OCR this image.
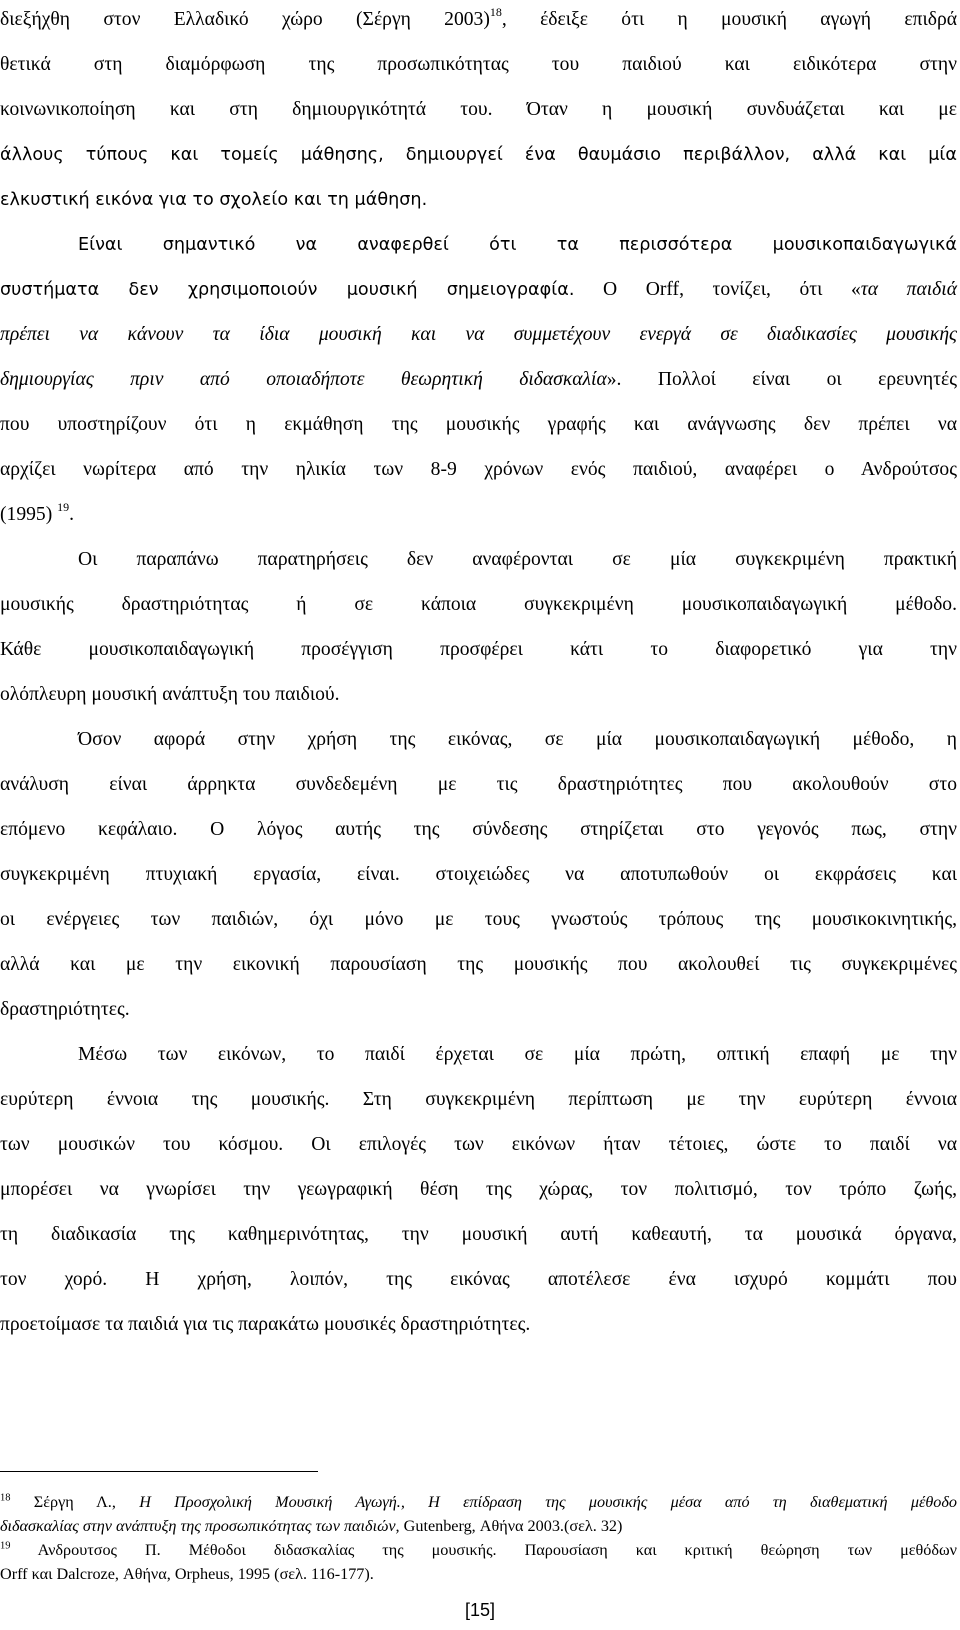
διεξήχθη στον Ελλαδικό χώρο (Σέργη 2003)$^{18}$, έδειξε ότι η μουσική αγωγή επιδρά
θετικά στη διαμόρφωση της προσωπικότητας του παιδιού και ειδικότερα στην
κοινωνικοποίηση και στη δημιουργικότητά του. Όταν η μουσική συνδυάζεται και με
άλλους τύπους και τομείς μάθησης, δημιουργεί ένα θαυμάσιο περιβάλλον, αλλά και μία
ελκυστική εικόνα για το σχολείο και τη μάθηση.
Είναι σημαντικό να αναφερθεί ότι τα περισσότερα μουσικοπαιδαγωγικά
συστήματα δεν χρησιμοποιούν μουσική σημειογραφία. Ο Orff, τονίζει, ότι «τα παιδιά
πρέπει να κάνουν τα ίδια μουσική και να συμμετέχουν ενεργά σε διαδικασίες μουσικής
δημιουργίας πριν από οποιαδήποτε θεωρητική διδασκαλία». Πολλοί είναι οι ερευνητές
που υποστηρίζουν ότι η εκμάθηση της μουσικής γραφής και ανάγνωσης δεν πρέπει να
αρχίζει νωρίτερα από την ηλικία των 8-9 χρόνων ενός παιδιού, αναφέρει ο Ανδρούτσος
(1995) $^{19}$.
Οι παραπάνω παρατηρήσεις δεν αναφέρονται σε μία συγκεκριμένη πρακτική
μουσικής δραστηριότητας ή σε κάποια συγκεκριμένη μουσικοπαιδαγωγική μέθοδο.
Κάθε μουσικοπαιδαγωγική προσέγγιση προσφέρει κάτι το διαφορετικό για την
ολόπλευρη μουσική ανάπτυξη του παιδιού.
Όσον αφορά στην χρήση της εικόνας, σε μία μουσικοπαιδαγωγική μέθοδο, η
ανάλυση είναι άρρηκτα συνδεδεμένη με τις δραστηριότητες που ακολουθούν στο
επόμενο κεφάλαιο. Ο λόγος αυτής της σύνδεσης στηρίζεται στο γεγονός πως, στην
συγκεκριμένη πτυχιακή εργασία, είναι. στοιχειώδες να αποτυπωθούν οι εκφράσεις και
οι ενέργειες των παιδιών, όχι μόνο με τους γνωστούς τρόπους της μουσικοκινητικής,
αλλά και με την εικονική παρουσίαση της μουσικής που ακολουθεί τις συγκεκριμένες
δραστηριότητες.
Μέσω των εικόνων, το παιδί έρχεται σε μία πρώτη, οπτική επαφή με την
ευρύτερη έννοια της μουσικής. Στη συγκεκριμένη περίπτωση με την ευρύτερη έννοια
των μουσικών του κόσμου. Οι επιλογές των εικόνων ήταν τέτοιες, ώστε το παιδί να
μπορέσει να γνωρίσει την γεωγραφική θέση της χώρας, τον πολιτισμό, τον τρόπο ζωής,
τη διαδικασία της καθημερινότητας, την μουσική αυτή καθεαυτή, τα μουσικά όργανα,
τον χορό. Η χρήση, λοιπόν, της εικόνας αποτέλεσε ένα ισχυρό κομμάτι που
προετοίμασε τα παιδιά για τις παρακάτω μουσικές δραστηριότητες.
$^{18}$ Σέργη Λ., Η Προσχολική Μουσική Αγωγή., Η επίδραση της μουσικής μέσα από τη διαθεματική μέθοδο
διδασκαλίας στην ανάπτυξη της προσωπικότητας των παιδιών, Gutenberg, Αθήνα 2003.(σελ. 32)
$^{19}$ Ανδρουτσος Π. Μέθοδοι διδασκαλίας της μουσικής. Παρουσίαση και κριτική θεώρηση των μεθόδων
Orff και Dalcroze, Αθήνα, Orpheus, 1995 (σελ. 116-177).
[15]
